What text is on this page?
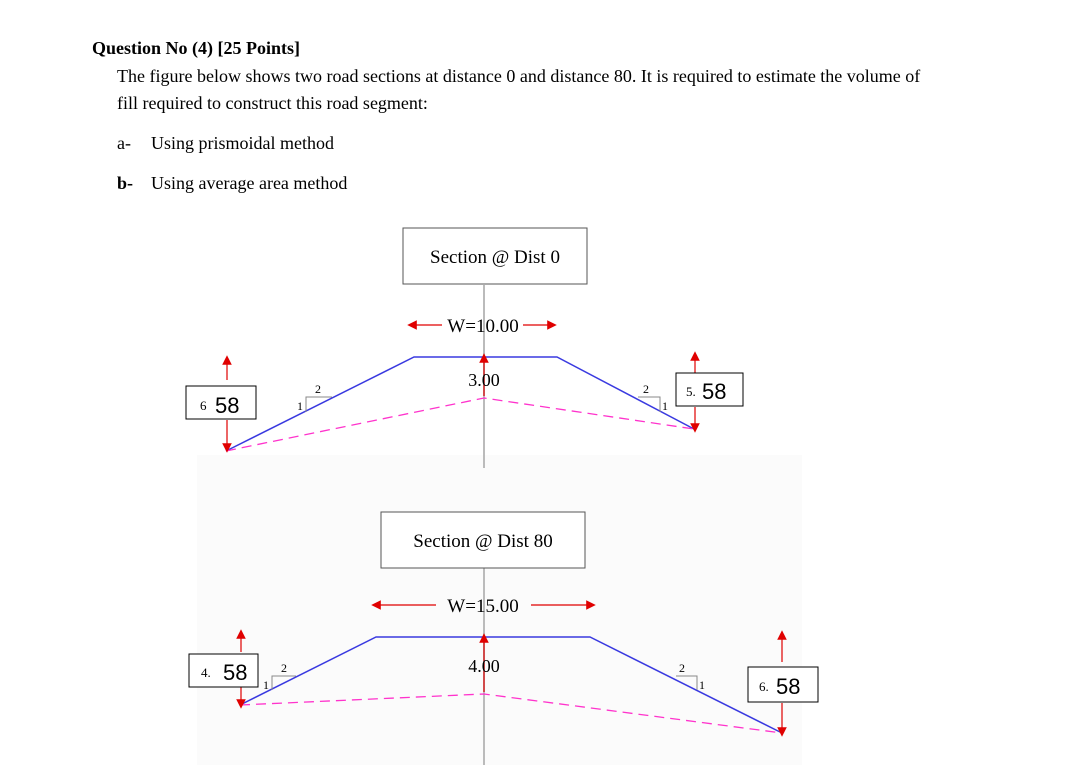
Question No (4) [25 Points]

The figure below shows two road sections at distance 0 and distance 80. It is required to estimate the volume of fill required to construct this road segment:

a- Using prismoidal method
b- Using average area method
Section @ Dist 0
W=10.00
3.00
6 58
2
1
2
1
5. 58
Section @ Dist 80
W=15.00
4.00
4. 58	2
1
2
1	6. 58
